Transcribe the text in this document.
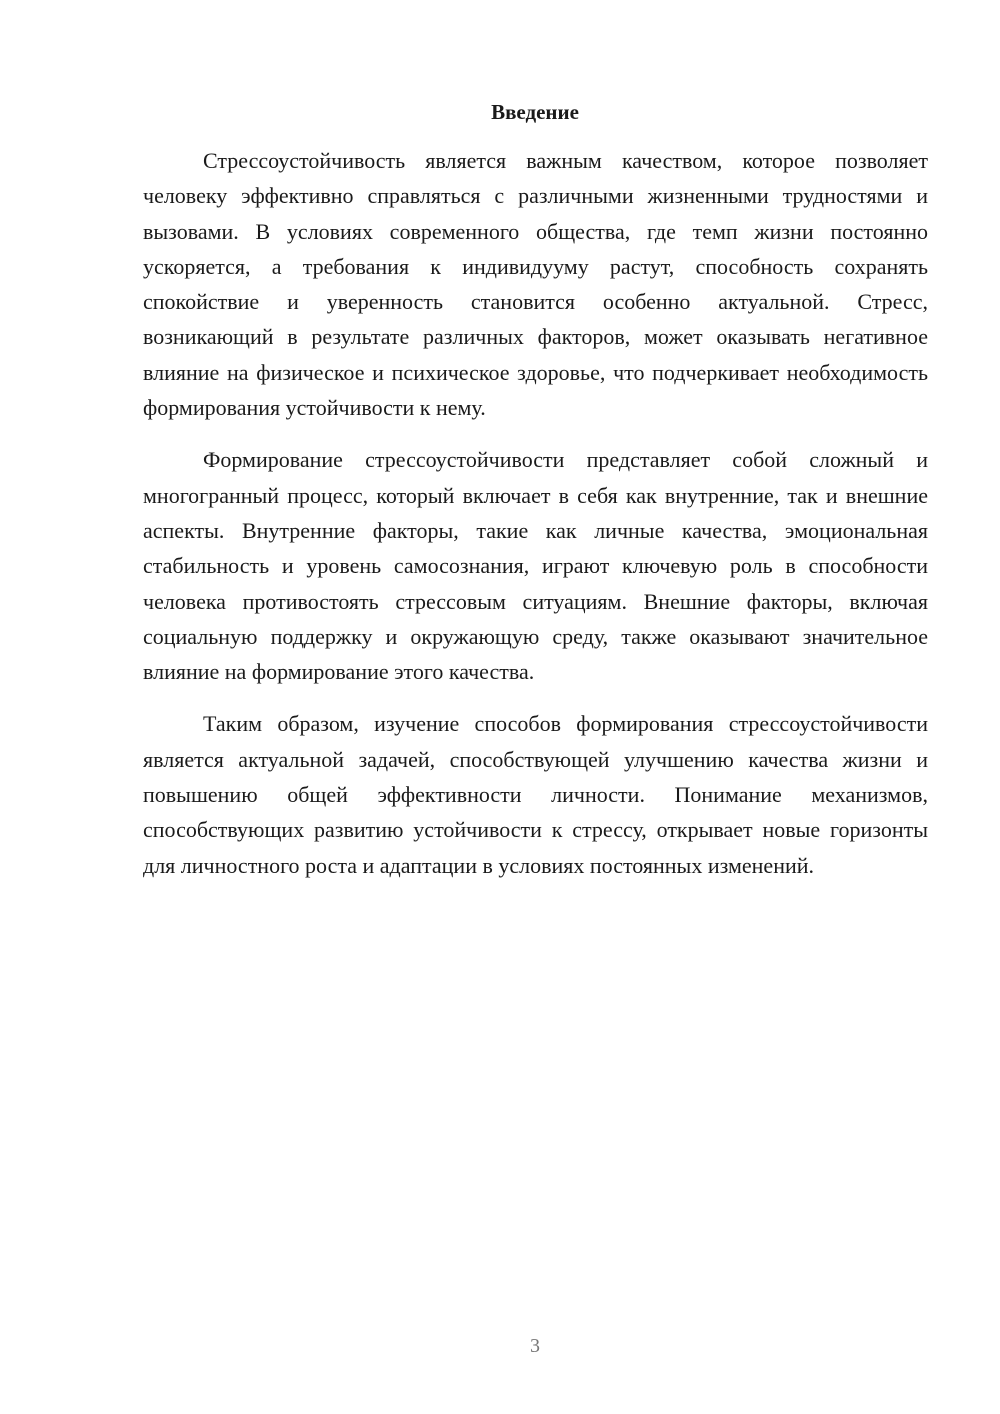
Введение

Стрессоустойчивость является важным качеством, которое позволяет человеку эффективно справляться с различными жизненными трудностями и вызовами. В условиях современного общества, где темп жизни постоянно ускоряется, а требования к индивидууму растут, способность сохранять спокойствие и уверенность становится особенно актуальной. Стресс, возникающий в результате различных факторов, может оказывать негативное влияние на физическое и психическое здоровье, что подчеркивает необходимость формирования устойчивости к нему.

Формирование стрессоустойчивости представляет собой сложный и многогранный процесс, который включает в себя как внутренние, так и внешние аспекты. Внутренние факторы, такие как личные качества, эмоциональная стабильность и уровень самосознания, играют ключевую роль в способности человека противостоять стрессовым ситуациям. Внешние факторы, включая социальную поддержку и окружающую среду, также оказывают значительное влияние на формирование этого качества.

Таким образом, изучение способов формирования стрессоустойчивости является актуальной задачей, способствующей улучшению качества жизни и повышению общей эффективности личности. Понимание механизмов, способствующих развитию устойчивости к стрессу, открывает новые горизонты для личностного роста и адаптации в условиях постоянных изменений.

3
